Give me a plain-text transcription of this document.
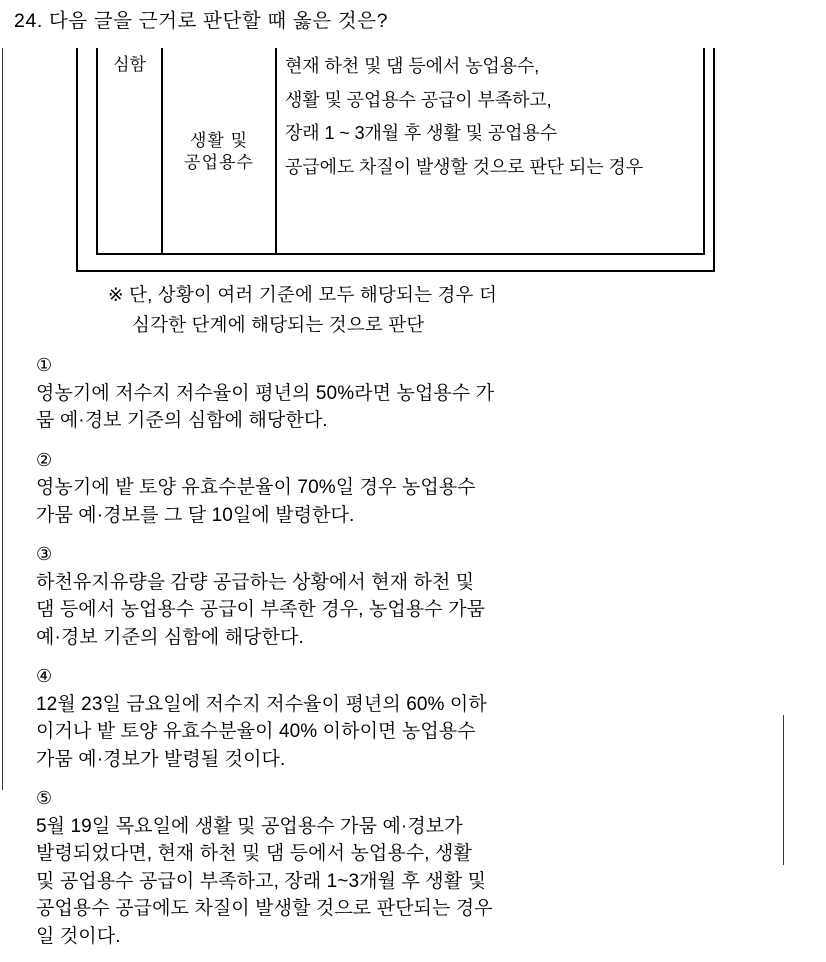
24. 다음 글을 근거로 판단할 때 옳은 것은?
심함
생활 및
공업용수
현재 하천 및 댐 등에서 농업용수, 생활 및 공업용수 공급이 부족하고, 장래 1 ~ 3개월 후 생활 및 공업용수 공급에도 차질이 발생할 것으로 판단 되는 경우
※ 단, 상황이 여러 기준에 모두 해당되는 경우 더
심각한 단계에 해당되는 것으로 판단
①
영농기에 저수지 저수율이 평년의 50%라면 농업용수 가
뭄 예·경보 기준의 심함에 해당한다.
②
영농기에 밭 토양 유효수분율이 70%일 경우 농업용수
가뭄 예·경보를 그 달 10일에 발령한다.
③
하천유지유량을 감량 공급하는 상황에서 현재 하천 및
댐 등에서 농업용수 공급이 부족한 경우, 농업용수 가뭄
예·경보 기준의 심함에 해당한다.
④
12월 23일 금요일에 저수지 저수율이 평년의 60% 이하
이거나 밭 토양 유효수분율이 40% 이하이면 농업용수
가뭄 예·경보가 발령될 것이다.
⑤
5월 19일 목요일에 생활 및 공업용수 가뭄 예·경보가
발령되었다면, 현재 하천 및 댐 등에서 농업용수, 생활
및 공업용수 공급이 부족하고, 장래 1~3개월 후 생활 및
공업용수 공급에도 차질이 발생할 것으로 판단되는 경우
일 것이다.
